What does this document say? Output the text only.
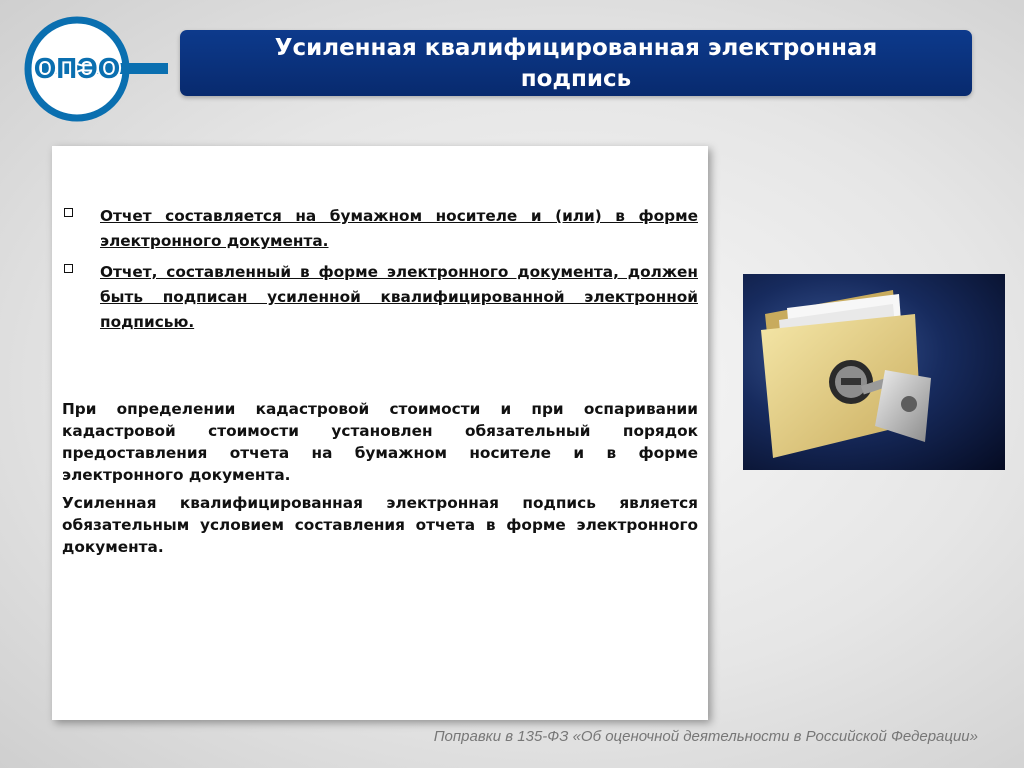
ОПЭО
Усиленная квалифицированная электронная
подпись
Отчет составляется на бумажном носителе и (или) в форме электронного документа.
Отчет, составленный в форме электронного документа, должен быть подписан усиленной квалифицированной электронной подписью.

При определении кадастровой стоимости и при оспаривании кадастровой стоимости установлен обязательный порядок предоставления отчета на бумажном носителе и в форме электронного документа.

Усиленная квалифицированная электронная подпись является обязательным условием составления отчета в форме электронного документа.

Поправки в 135-ФЗ «Об оценочной деятельности в Российской Федерации»
